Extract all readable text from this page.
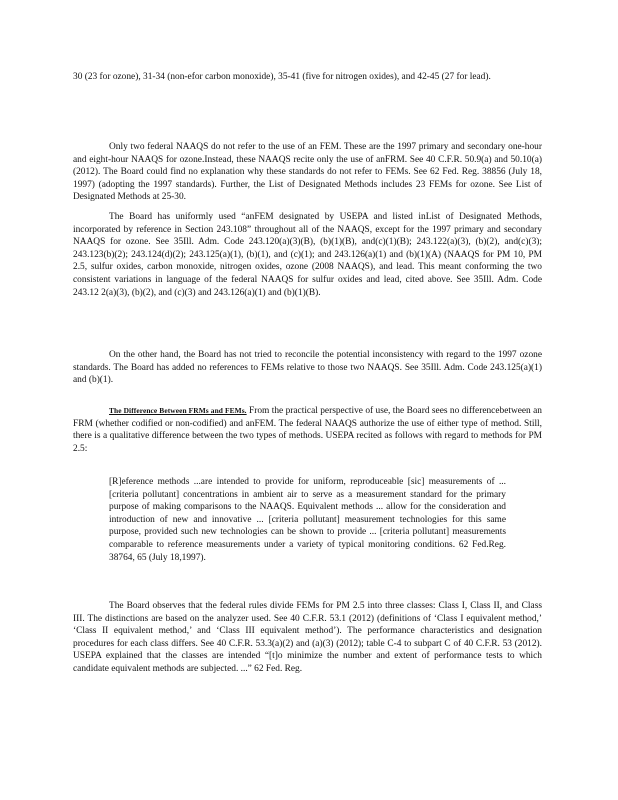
30 (23 for ozone), 31-34 (non-efor carbon monoxide), 35-41 (five for nitrogen oxides), and 42-45 (27 for lead).

Only two federal NAAQS do not refer to the use of an FEM. These are the 1997 primary and secondary one-hour and eight-hour NAAQS for ozone.Instead, these NAAQS recite only the use of anFRM. See 40 C.F.R. 50.9(a) and 50.10(a) (2012). The Board could find no explanation why these standards do not refer to FEMs. See 62 Fed. Reg. 38856 (July 18, 1997) (adopting the 1997 standards). Further, the List of Designated Methods includes 23 FEMs for ozone. See List of Designated Methods at 25-30.

The Board has uniformly used “anFEM designated by USEPA and listed inList of Designated Methods, incorporated by reference in Section 243.108” throughout all of the NAAQS, except for the 1997 primary and secondary NAAQS for ozone. See 35Ill. Adm. Code 243.120(a)(3)(B), (b)(1)(B), and(c)(1)(B); 243.122(a)(3), (b)(2), and(c)(3); 243.123(b)(2); 243.124(d)(2); 243.125(a)(1), (b)(1), and (c)(1); and 243.126(a)(1) and (b)(1)(A) (NAAQS for PM 10, PM 2.5, sulfur oxides, carbon monoxide, nitrogen oxides, ozone (2008 NAAQS), and lead. This meant conforming the two consistent variations in language of the federal NAAQS for sulfur oxides and lead, cited above. See 35Ill. Adm. Code 243.12 2(a)(3), (b)(2), and (c)(3) and 243.126(a)(1) and (b)(1)(B).

On the other hand, the Board has not tried to reconcile the potential inconsistency with regard to the 1997 ozone standards. The Board has added no references to FEMs relative to those two NAAQS. See 35Ill. Adm. Code 243.125(a)(1) and (b)(1).

The Difference Between FRMs and FEMs. From the practical perspective of use, the Board sees no differencebetween an FRM (whether codified or non-codified) and anFEM. The federal NAAQS authorize the use of either type of method. Still, there is a qualitative difference between the two types of methods. USEPA recited as follows with regard to methods for PM 2.5:

[R]eference methods ...are intended to provide for uniform, reproduceable [sic] measurements of ... [criteria pollutant] concentrations in ambient air to serve as a measurement standard for the primary purpose of making comparisons to the NAAQS. Equivalent methods ... allow for the consideration and introduction of new and innovative ... [criteria pollutant] measurement technologies for this same purpose, provided such new technologies can be shown to provide ... [criteria pollutant] measurements comparable to reference measurements under a variety of typical monitoring conditions. 62 Fed.Reg. 38764, 65 (July 18,1997).

The Board observes that the federal rules divide FEMs for PM 2.5 into three classes: Class I, Class II, and Class III. The distinctions are based on the analyzer used. See 40 C.F.R. 53.1 (2012) (definitions of ‘Class I equivalent method,’ ‘Class II equivalent method,’ and ‘Class III equivalent method’). The performance characteristics and designation procedures for each class differs. See 40 C.F.R. 53.3(a)(2) and (a)(3) (2012); table C-4 to subpart C of 40 C.F.R. 53 (2012). USEPA explained that the classes are intended “[t]o minimize the number and extent of performance tests to which candidate equivalent methods are subjected. ...” 62 Fed. Reg.
